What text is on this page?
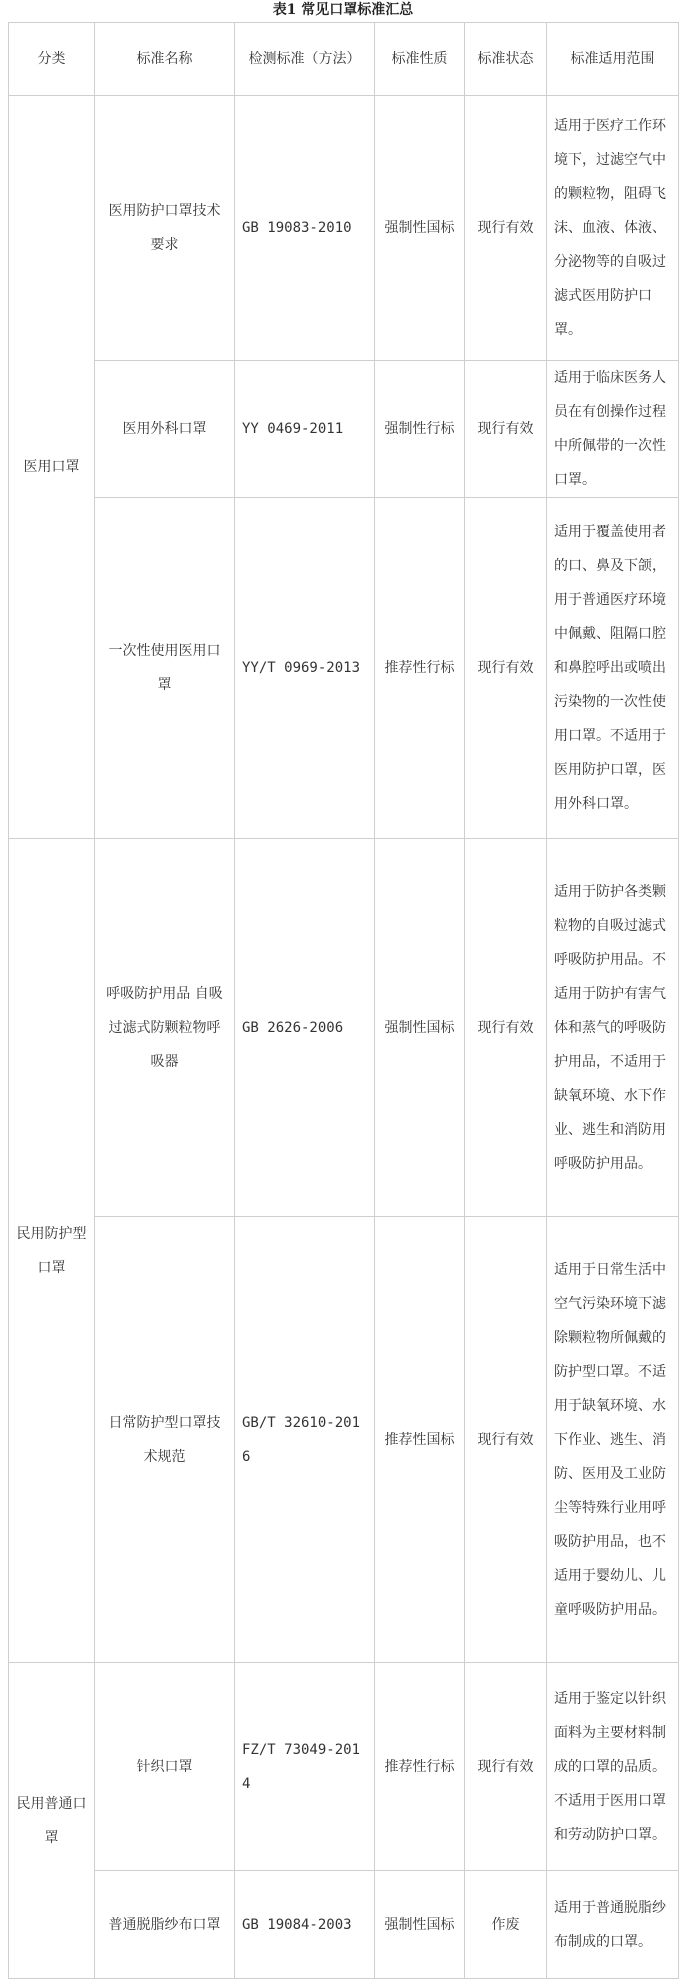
表1 常见口罩标准汇总
分类	标准名称	检测标准（方法）	标准性质	标准状态	标准适用范围
医用口罩	医用防护口罩技术要求	GB 19083-2010	强制性国标	现行有效	适用于医疗工作环境下，过滤空气中的颗粒物，阻碍飞沫、血液、体液、分泌物等的自吸过滤式医用防护口罩。
	医用外科口罩	YY 0469-2011	强制性行标	现行有效	适用于临床医务人员在有创操作过程中所佩带的一次性口罩。
	一次性使用医用口罩	YY/T 0969-2013	推荐性行标	现行有效	适用于覆盖使用者的口、鼻及下颌，用于普通医疗环境中佩戴、阻隔口腔和鼻腔呼出或喷出污染物的一次性使用口罩。不适用于医用防护口罩，医用外科口罩。
民用防护型口罩	呼吸防护用品 自吸过滤式防颗粒物呼吸器	GB 2626-2006	强制性国标	现行有效	适用于防护各类颗粒物的自吸过滤式呼吸防护用品。不适用于防护有害气体和蒸气的呼吸防护用品，不适用于缺氧环境、水下作业、逃生和消防用呼吸防护用品。
	日常防护型口罩技术规范	GB/T 32610-2016	推荐性国标	现行有效	适用于日常生活中空气污染环境下滤除颗粒物所佩戴的防护型口罩。不适用于缺氧环境、水下作业、逃生、消防、医用及工业防尘等特殊行业用呼吸防护用品，也不适用于婴幼儿、儿童呼吸防护用品。
民用普通口罩	针织口罩	FZ/T 73049-2014	推荐性行标	现行有效	适用于鉴定以针织面料为主要材料制成的口罩的品质。不适用于医用口罩和劳动防护口罩。
	普通脱脂纱布口罩	GB 19084-2003	强制性国标	作废	适用于普通脱脂纱布制成的口罩。
